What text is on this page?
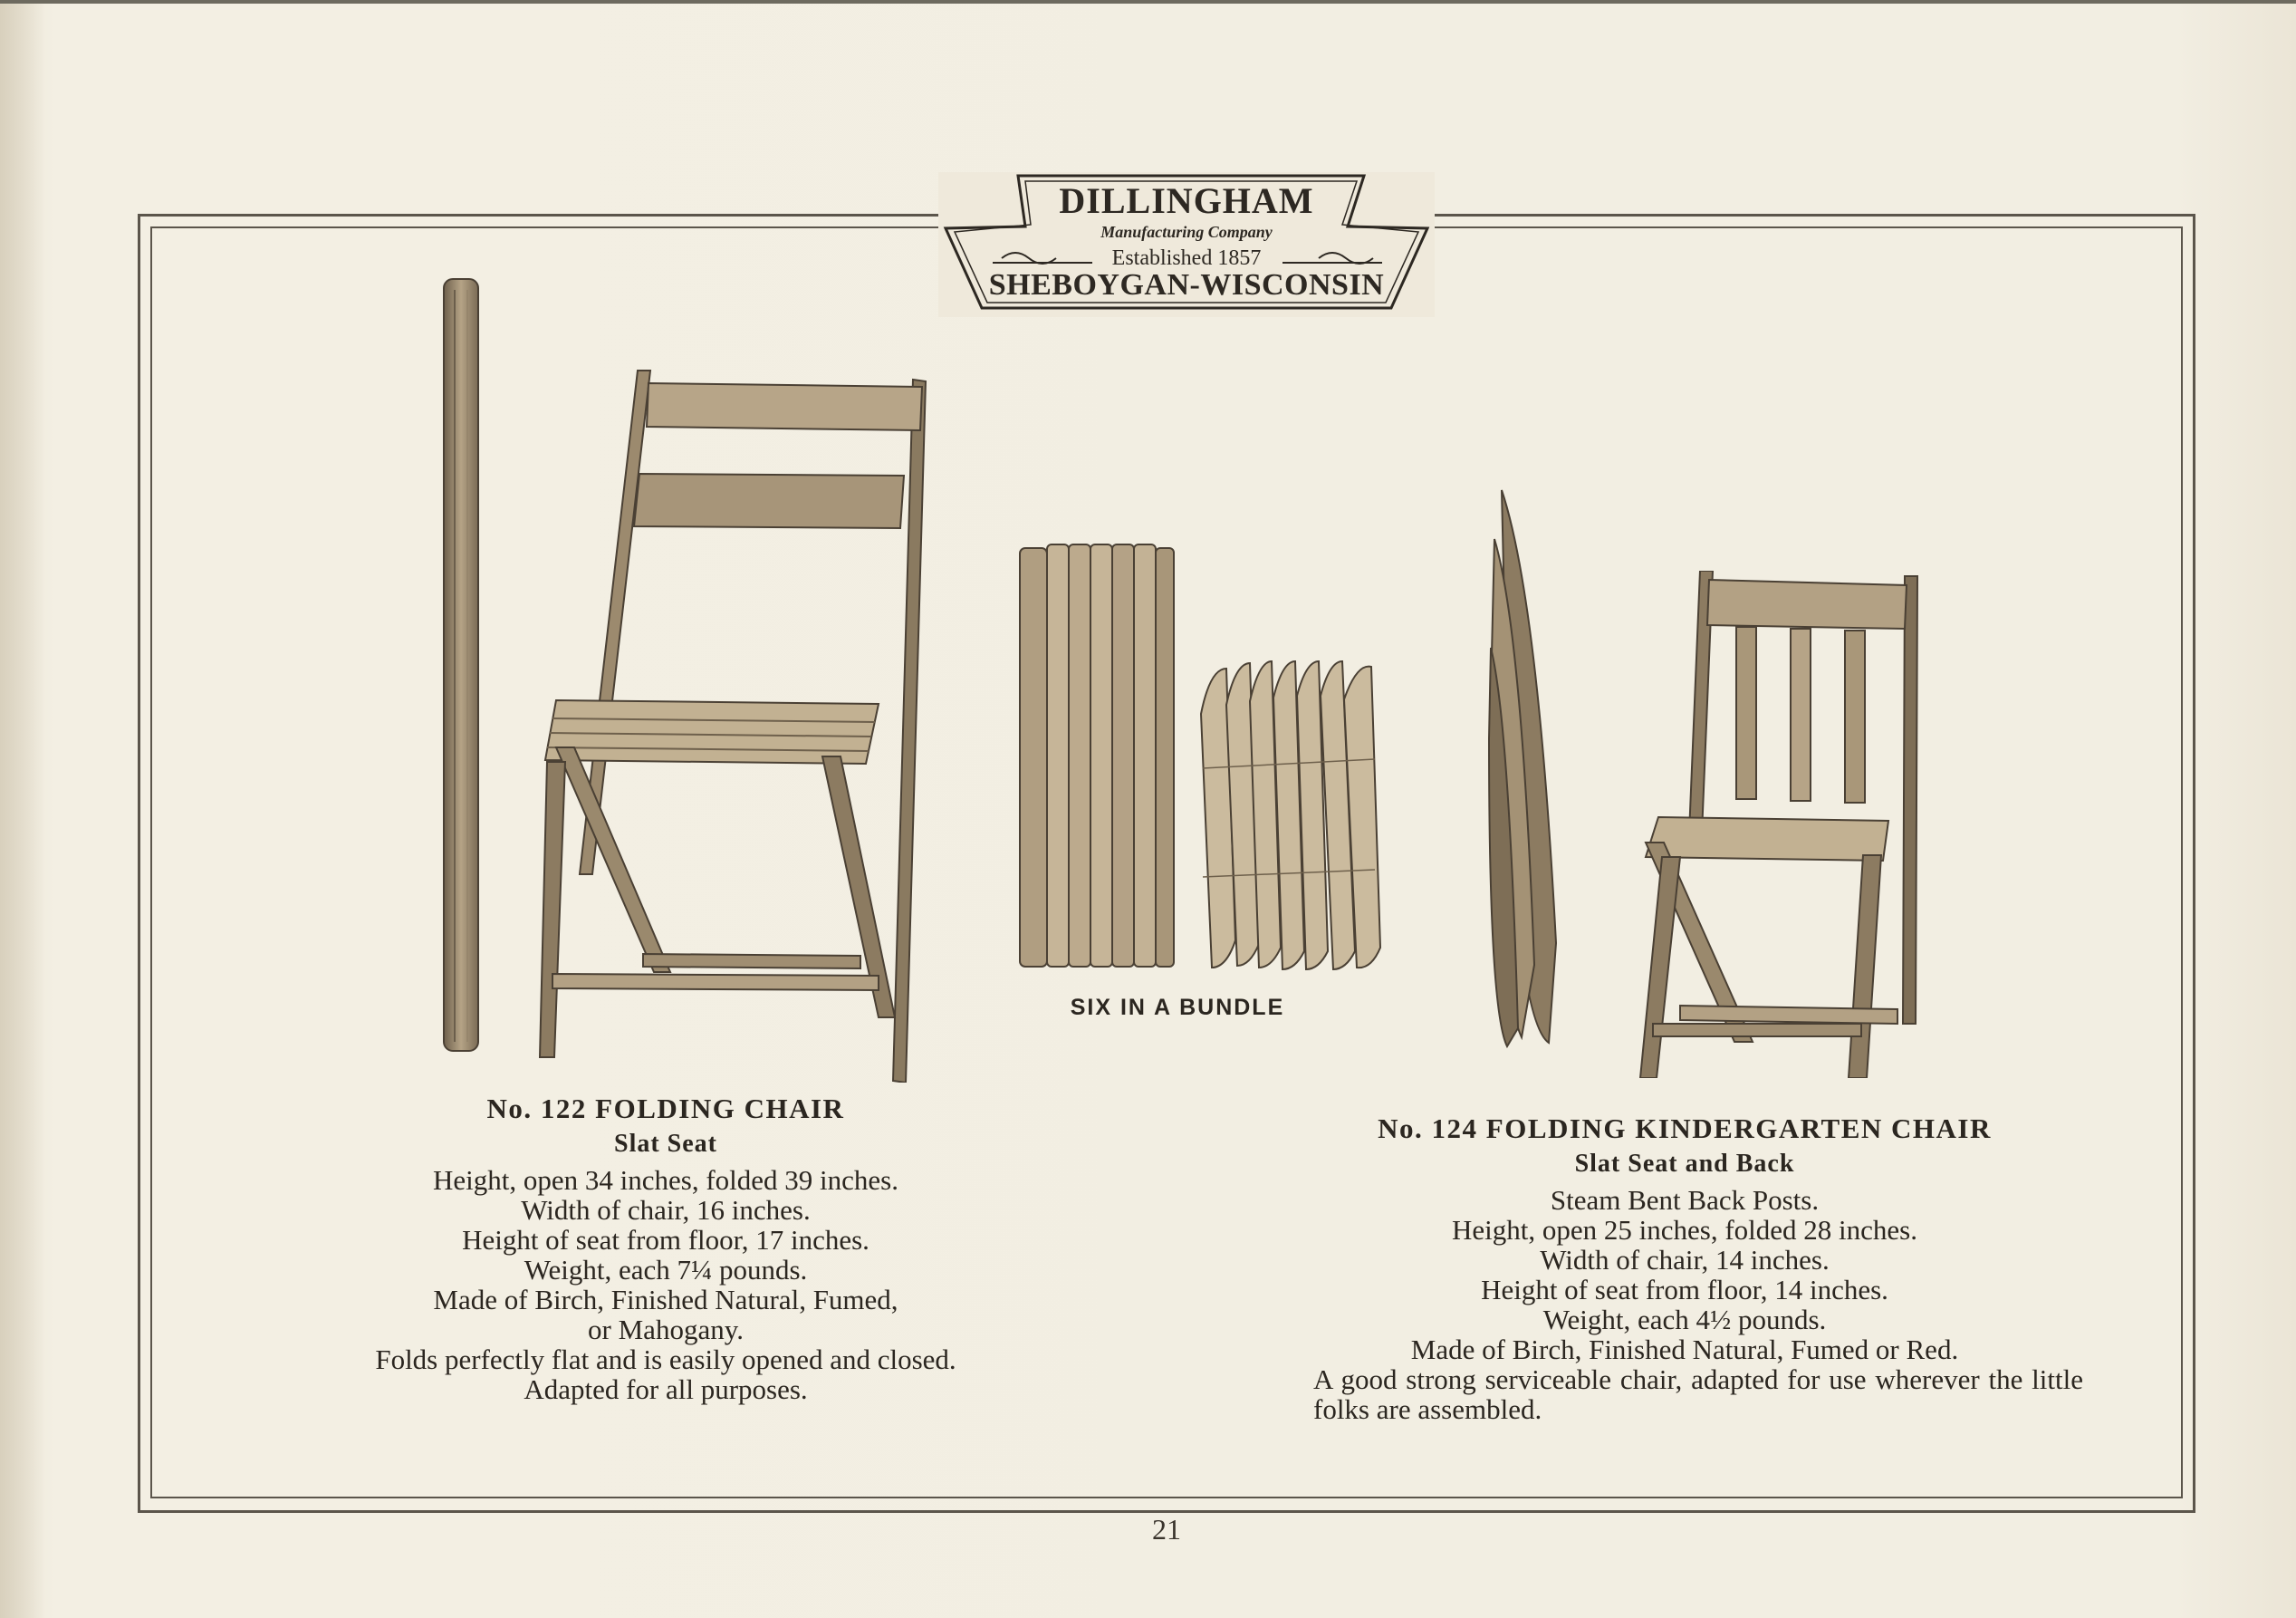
DILLINGHAM
Manufacturing Company
Established 1857
SHEBOYGAN-WISCONSIN
SIX IN A BUNDLE
No. 122 FOLDING CHAIR
Slat Seat
Height, open 34 inches, folded 39 inches.
Width of chair, 16 inches.
Height of seat from floor, 17 inches.
Weight, each 7¼ pounds.
Made of Birch, Finished Natural, Fumed,
or Mahogany.
Folds perfectly flat and is easily opened and closed.
Adapted for all purposes.
No. 124 FOLDING KINDERGARTEN CHAIR
Slat Seat and Back
Steam Bent Back Posts.
Height, open 25 inches, folded 28 inches.
Width of chair, 14 inches.
Height of seat from floor, 14 inches.
Weight, each 4½ pounds.
Made of Birch, Finished Natural, Fumed or Red.
A good strong serviceable chair, adapted for use wherever the little folks are assembled.
21
